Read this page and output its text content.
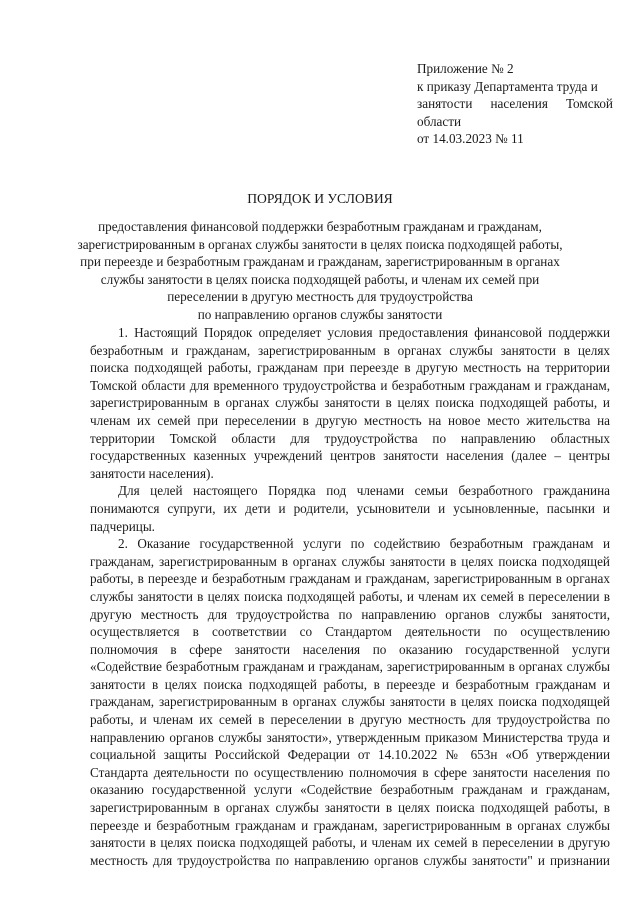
Приложение № 2
к приказу Департамента труда и
занятости населения Томской
области
от 14.03.2023 № 11
ПОРЯДОК И УСЛОВИЯ
предоставления финансовой поддержки безработным гражданам и гражданам,
зарегистрированным в органах службы занятости в целях поиска подходящей работы,
при переезде и безработным гражданам и гражданам, зарегистрированным в органах
службы занятости в целях поиска подходящей работы, и членам их семей при
переселении в другую местность для трудоустройства
по направлению органов службы занятости
1. Настоящий Порядок определяет условия предоставления финансовой поддержки
безработным и гражданам, зарегистрированным в органах службы занятости в целях
поиска подходящей работы, гражданам при переезде в другую местность на территории
Томской области для временного трудоустройства и безработным гражданам и гражданам,
зарегистрированным в органах службы занятости в целях поиска подходящей работы, и
членам их семей при переселении в другую местность на новое место жительства на
территории Томской области для трудоустройства по направлению областных
государственных казенных учреждений центров занятости населения (далее – центры
занятости населения).
Для целей настоящего Порядка под членами семьи безработного гражданина
понимаются супруги, их дети и родители, усыновители и усыновленные, пасынки и
падчерицы.
2. Оказание государственной услуги по содействию безработным гражданам и
гражданам, зарегистрированным в органах службы занятости в целях поиска подходящей
работы, в переезде и безработным гражданам и гражданам, зарегистрированным в органах
службы занятости в целях поиска подходящей работы, и членам их семей в переселении в
другую местность для трудоустройства по направлению органов службы занятости,
осуществляется в соответствии со Стандартом деятельности по осуществлению
полномочия в сфере занятости населения по оказанию государственной услуги
«Содействие безработным гражданам и гражданам, зарегистрированным в органах службы
занятости в целях поиска подходящей работы, в переезде и безработным гражданам и
гражданам, зарегистрированным в органах службы занятости в целях поиска подходящей
работы, и членам их семей в переселении в другую местность для трудоустройства по
направлению органов службы занятости», утвержденным приказом Министерства труда и
социальной защиты Российской Федерации от 14.10.2022 № 653н «Об утверждении
Стандарта деятельности по осуществлению полномочия в сфере занятости населения по
оказанию государственной услуги «Содействие безработным гражданам и гражданам,
зарегистрированным в органах службы занятости в целях поиска подходящей работы, в
переезде и безработным гражданам и гражданам, зарегистрированным в органах службы
занятости в целях поиска подходящей работы, и членам их семей в переселении в другую
местность для трудоустройства по направлению органов службы занятости" и признании
